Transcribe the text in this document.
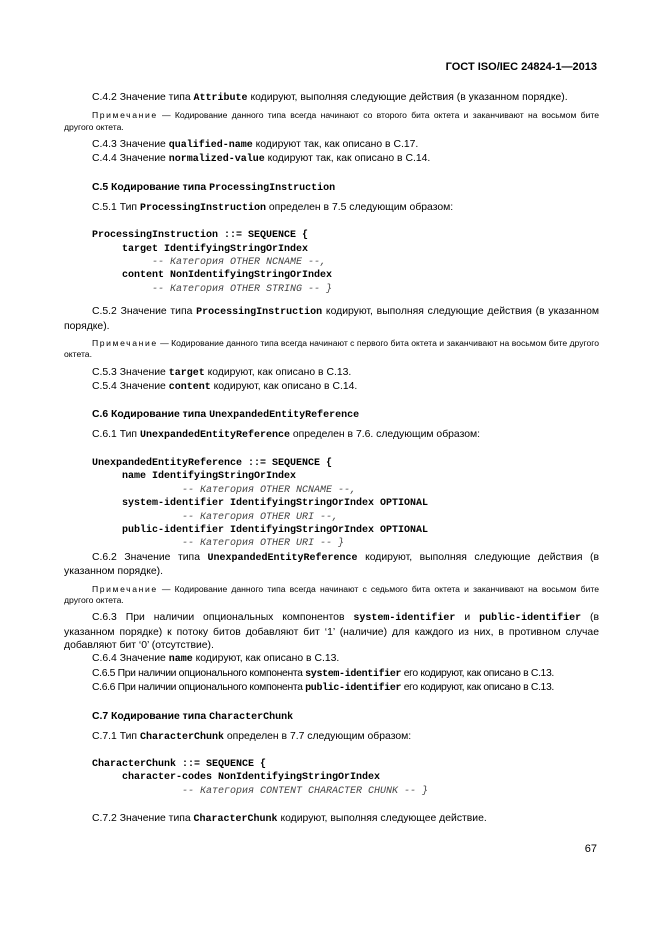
ГОСТ ISO/IEC 24824-1—2013

С.4.2 Значение типа Attribute кодируют, выполняя следующие действия (в указанном порядке).

Примечание — Кодирование данного типа всегда начинают со второго бита октета и заканчивают на восьмом бите другого октета.

С.4.3 Значение qualified-name кодируют так, как описано в С.17.

С.4.4 Значение normalized-value кодируют так, как описано в С.14.

С.5 Кодирование типа ProcessingInstruction

С.5.1 Тип ProcessingInstruction определен в 7.5 следующим образом:

ProcessingInstruction ::= SEQUENCE {
target IdentifyingStringOrIndex
-- Категория OTHER NCNAME --,
content NonIdentifyingStringOrIndex
-- Категория OTHER STRING -- }

С.5.2 Значение типа ProcessingInstruction кодируют, выполняя следующие действия (в указанном порядке).

Примечание — Кодирование данного типа всегда начинают с первого бита октета и заканчивают на восьмом бите другого октета.

С.5.3 Значение target кодируют, как описано в С.13.

С.5.4 Значение content кодируют, как описано в С.14.

С.6 Кодирование типа UnexpandedEntityReference

С.6.1 Тип UnexpandedEntityReference определен в 7.6. следующим образом:

UnexpandedEntityReference ::= SEQUENCE {
name IdentifyingStringOrIndex
-- Категория OTHER NCNAME --,
system-identifier IdentifyingStringOrIndex OPTIONAL
-- Категория OTHER URI --,
public-identifier IdentifyingStringOrIndex OPTIONAL
-- Категория OTHER URI -- }

С.6.2 Значение типа UnexpandedEntityReference кодируют, выполняя следующие действия (в указанном порядке).

Примечание — Кодирование данного типа всегда начинают с седьмого бита октета и заканчивают на восьмом бите другого октета.

С.6.3 При наличии опциональных компонентов system-identifier и public-identifier (в указанном порядке) к потоку битов добавляют бит ‘1’ (наличие) для каждого из них, в противном случае добавляют бит ‘0’ (отсутствие).

С.6.4 Значение name кодируют, как описано в С.13.

С.6.5 При наличии опционального компонента system-identifier его кодируют, как описано в С.13.

С.6.6 При наличии опционального компонента public-identifier его кодируют, как описано в С.13.

С.7 Кодирование типа CharacterChunk

С.7.1 Тип CharacterChunk определен в 7.7 следующим образом:

CharacterChunk ::= SEQUENCE {
character-codes NonIdentifyingStringOrIndex
-- Категория CONTENT CHARACTER CHUNK -- }

С.7.2 Значение типа CharacterChunk кодируют, выполняя следующее действие.

67
